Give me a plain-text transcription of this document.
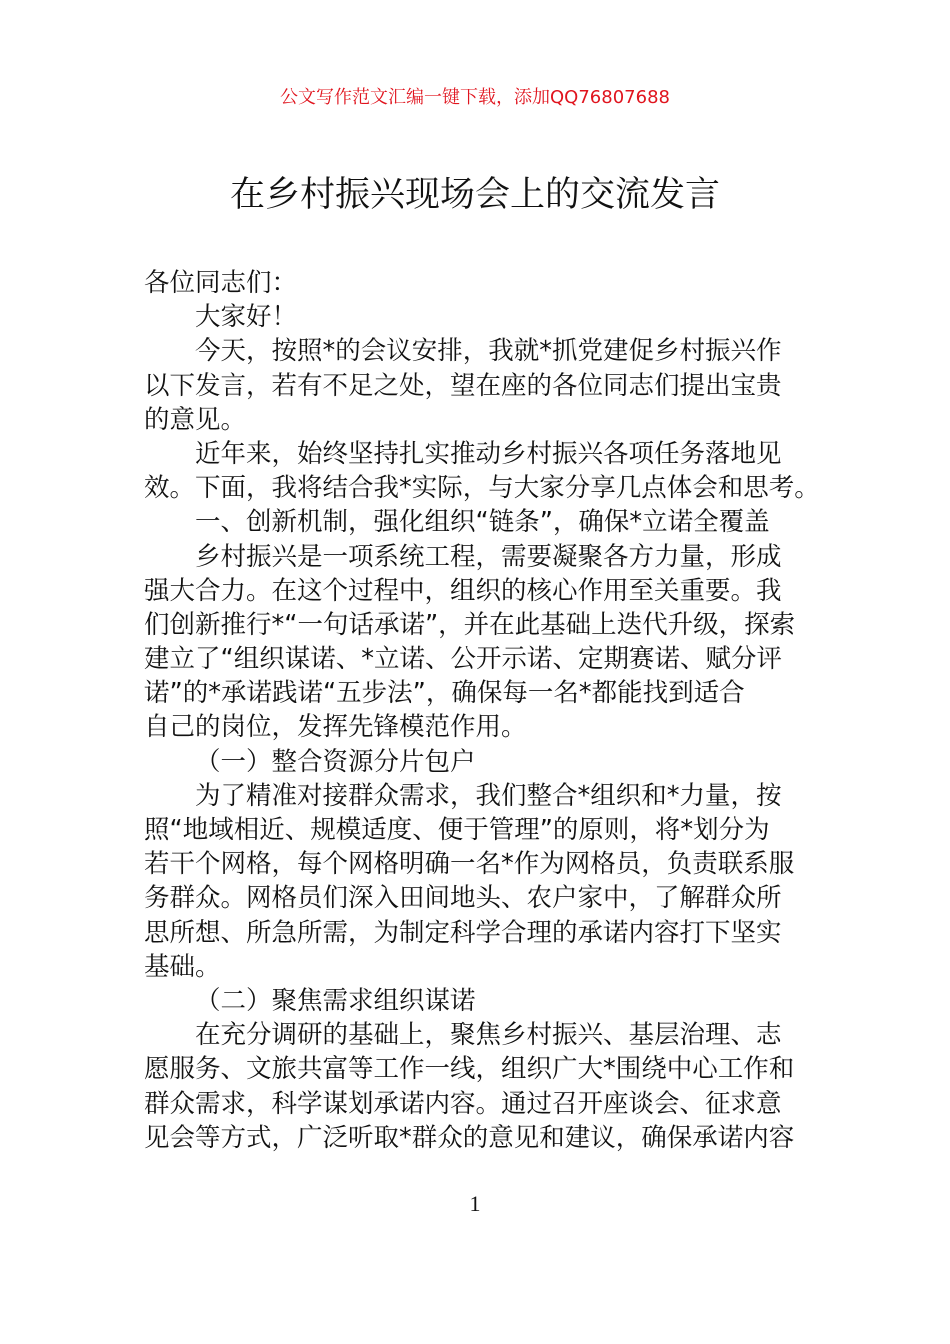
公文写作范文汇编一键下载，添加QQ76807688
在乡村振兴现场会上的交流发言
各位同志们：
大家好！
今天，按照*的会议安排，我就*抓党建促乡村振兴作
以下发言，若有不足之处，望在座的各位同志们提出宝贵
的意见。
近年来，始终坚持扎实推动乡村振兴各项任务落地见
效。下面，我将结合我*实际，与大家分享几点体会和思考。
一、创新机制，强化组织“链条”，确保*立诺全覆盖
乡村振兴是一项系统工程，需要凝聚各方力量，形成
强大合力。在这个过程中，组织的核心作用至关重要。我
们创新推行*“一句话承诺”，并在此基础上迭代升级，探索
建立了“组织谋诺、*立诺、公开示诺、定期赛诺、赋分评
诺”的*承诺践诺“五步法”，确保每一名*都能找到适合
自己的岗位，发挥先锋模范作用。
（一）整合资源分片包户
为了精准对接群众需求，我们整合*组织和*力量，按
照“地域相近、规模适度、便于管理”的原则，将*划分为
若干个网格，每个网格明确一名*作为网格员，负责联系服
务群众。网格员们深入田间地头、农户家中，了解群众所
思所想、所急所需，为制定科学合理的承诺内容打下坚实
基础。
（二）聚焦需求组织谋诺
在充分调研的基础上，聚焦乡村振兴、基层治理、志
愿服务、文旅共富等工作一线，组织广大*围绕中心工作和
群众需求，科学谋划承诺内容。通过召开座谈会、征求意
见会等方式，广泛听取*群众的意见和建议，确保承诺内容
1
